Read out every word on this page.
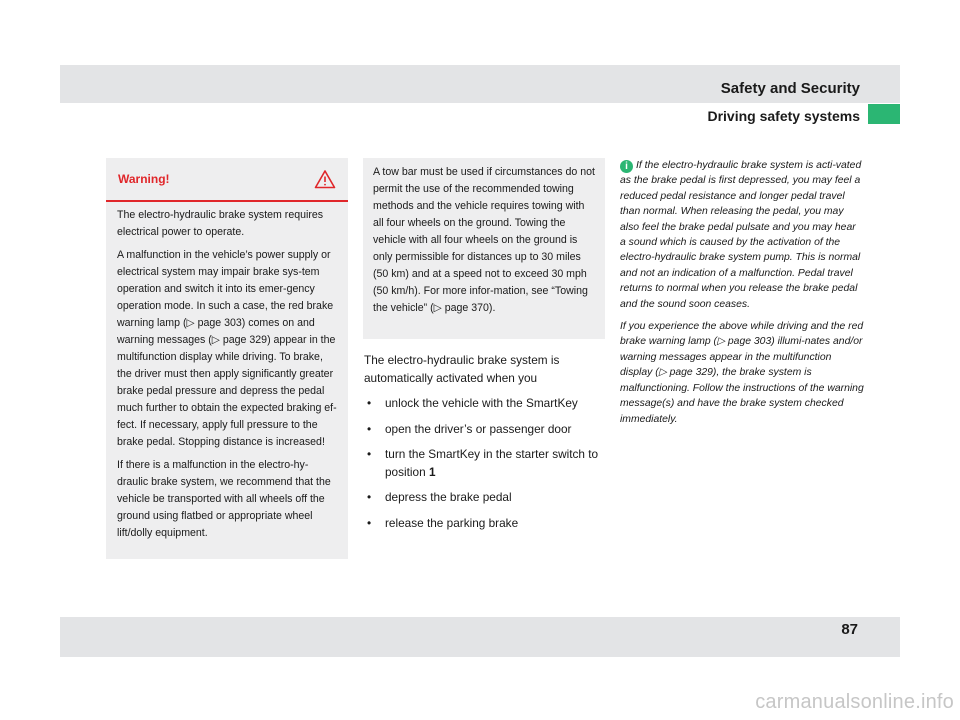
Safety and Security
Driving safety systems
Warning!

The electro-hydraulic brake system requires electrical power to operate.

A malfunction in the vehicle’s power supply or electrical system may impair brake sys-tem operation and switch it into its emer-gency operation mode. In such a case, the red brake warning lamp (▷ page 303) comes on and warning messages (▷ page 329) appear in the multifunction display while driving. To brake, the driver must then apply significantly greater brake pedal pressure and depress the pedal much further to obtain the expected braking ef-fect. If necessary, apply full pressure to the brake pedal. Stopping distance is increased!

If there is a malfunction in the electro-hy-draulic brake system, we recommend that the vehicle be transported with all wheels off the ground using flatbed or appropriate wheel lift/dolly equipment.

A tow bar must be used if circumstances do not permit the use of the recommended towing methods and the vehicle requires towing with all four wheels on the ground. Towing the vehicle with all four wheels on the ground is only permissible for distances up to 30 miles (50 km) and at a speed not to exceed 30 mph (50 km/h). For more infor-mation, see “Towing the vehicle” (▷ page 370).

The electro-hydraulic brake system is automatically activated when you

• unlock the vehicle with the SmartKey
• open the driver’s or passenger door
• turn the SmartKey in the starter switch to position 1
• depress the brake pedal
• release the parking brake

i If the electro-hydraulic brake system is acti-vated as the brake pedal is first depressed, you may feel a reduced pedal resistance and longer pedal travel than normal. When releasing the pedal, you may also feel the brake pedal pulsate and you may hear a sound which is caused by the activation of the electro-hydraulic brake system pump. This is normal and not an indication of a malfunction. Pedal travel returns to normal when you release the brake pedal and the sound soon ceases.

If you experience the above while driving and the red brake warning lamp (▷ page 303) illumi-nates and/or warning messages appear in the multifunction display (▷ page 329), the brake system is malfunctioning. Follow the instructions of the warning message(s) and have the brake system checked immediately.

87
carmanualsonline.info
